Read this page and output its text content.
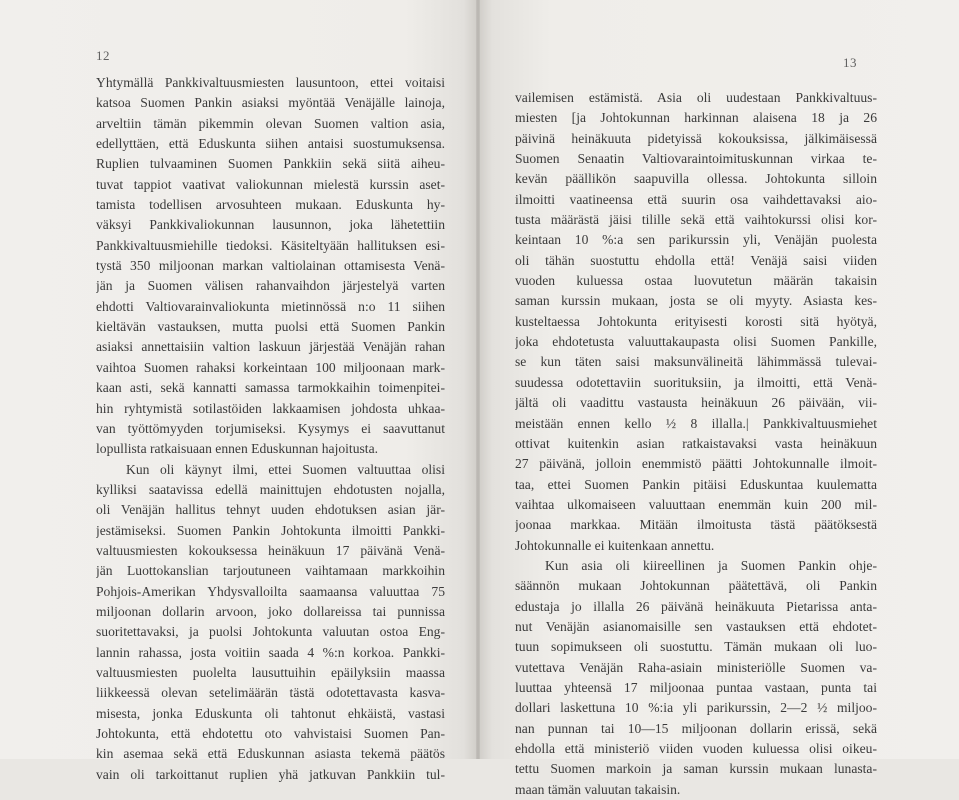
12
Yhtymällä Pankkivaltuusmiesten lausuntoon, ettei voitaisi
katsoa Suomen Pankin asiaksi myöntää Venäjälle lainoja,
arveltiin tämän pikemmin olevan Suomen valtion asia,
edellyttäen, että Eduskunta siihen antaisi suostumuksensa.
Ruplien tulvaaminen Suomen Pankkiin sekä siitä aiheu-
tuvat tappiot vaativat valiokunnan mielestä kurssin aset-
tamista todellisen arvosuhteen mukaan. Eduskunta hy-
väksyi Pankkivaliokunnan lausunnon, joka lähetettiin
Pankkivaltuusmiehille tiedoksi. Käsiteltyään hallituksen esi-
tystä 350 miljoonan markan valtiolainan ottamisesta Venä-
jän ja Suomen välisen rahanvaihdon järjestelyä varten
ehdotti Valtiovarainvaliokunta mietinnössä n:o 11 siihen
kieltävän vastauksen, mutta puolsi että Suomen Pankin
asiaksi annettaisiin valtion laskuun järjestää Venäjän rahan
vaihtoa Suomen rahaksi korkeintaan 100 miljoonaan mark-
kaan asti, sekä kannatti samassa tarmokkaihin toimenpitei-
hin ryhtymistä sotilastöiden lakkaamisen johdosta uhkaa-
van työttömyyden torjumiseksi. Kysymys ei saavuttanut
lopullista ratkaisuaan ennen Eduskunnan hajoitusta.
Kun oli käynyt ilmi, ettei Suomen valtuuttaa olisi
kylliksi saatavissa edellä mainittujen ehdotusten nojalla,
oli Venäjän hallitus tehnyt uuden ehdotuksen asian jär-
jestämiseksi. Suomen Pankin Johtokunta ilmoitti Pankki-
valtuusmiesten kokouksessa heinäkuun 17 päivänä Venä-
jän Luottokanslian tarjoutuneen vaihtamaan markkoihin
Pohjois-Amerikan Yhdysvalloilta saamaansa valuuttaa 75
miljoonan dollarin arvoon, joko dollareissa tai punnissa
suoritettavaksi, ja puolsi Johtokunta valuutan ostoa Eng-
lannin rahassa, josta voitiin saada 4 %:n korkoa. Pankki-
valtuusmiesten puolelta lausuttuihin epäilyksiin maassa
liikkeessä olevan setelimäärän tästä odotettavasta kasva-
misesta, jonka Eduskunta oli tahtonut ehkäistä, vastasi
Johtokunta, että ehdotettu oto vahvistaisi Suomen Pan-
kin asemaa sekä että Eduskunnan asiasta tekemä päätös
vain oli tarkoittanut ruplien yhä jatkuvan Pankkiin tul-
13
vailemisen estämistä. Asia oli uudestaan Pankkivaltuus-
miesten [ja Johtokunnan harkinnan alaisena 18 ja 26
päivinä heinäkuuta pidetyissä kokouksissa, jälkimäisessä
Suomen Senaatin Valtiovaraintoimituskunnan virkaa te-
kevän päällikön saapuvilla ollessa. Johtokunta silloin
ilmoitti vaatineensa että suurin osa vaihdettavaksi aio-
tusta määrästä jäisi tilille sekä että vaihtokurssi olisi kor-
keintaan 10 %:a sen parikurssin yli, Venäjän puolesta
oli tähän suostuttu ehdolla että! Venäjä saisi viiden
vuoden kuluessa ostaa luovutetun määrän takaisin
saman kurssin mukaan, josta se oli myyty. Asiasta kes-
kusteltaessa Johtokunta erityisesti korosti sitä hyötyä,
joka ehdotetusta valuuttakaupasta olisi Suomen Pankille,
se kun täten saisi maksunvälineitä lähimmässä tulevai-
suudessa odotettaviin suorituksiin, ja ilmoitti, että Venä-
jältä oli vaadittu vastausta heinäkuun 26 päivään, vii-
meistään ennen kello ½ 8 illalla.| Pankkivaltuusmiehet
ottivat kuitenkin asian ratkaistavaksi vasta heinäkuun
27 päivänä, jolloin enemmistö päätti Johtokunnalle ilmoit-
taa, ettei Suomen Pankin pitäisi Eduskuntaa kuulematta
vaihtaa ulkomaiseen valuuttaan enemmän kuin 200 mil-
joonaa markkaa. Mitään ilmoitusta tästä päätöksestä
Johtokunnalle ei kuitenkaan annettu.
Kun asia oli kiireellinen ja Suomen Pankin ohje-
säännön mukaan Johtokunnan päätettävä, oli Pankin
edustaja jo illalla 26 päivänä heinäkuuta Pietarissa anta-
nut Venäjän asianomaisille sen vastauksen että ehdotet-
tuun sopimukseen oli suostuttu. Tämän mukaan oli luo-
vutettava Venäjän Raha-asiain ministeriölle Suomen va-
luuttaa yhteensä 17 miljoonaa puntaa vastaan, punta tai
dollari laskettuna 10 %:ia yli parikurssin, 2—2 ½ miljoo-
nan punnan tai 10—15 miljoonan dollarin erissä, sekä
ehdolla että ministeriö viiden vuoden kuluessa olisi oikeu-
tettu Suomen markoin ja saman kurssin mukaan lunasta-
maan tämän valuutan takaisin.
